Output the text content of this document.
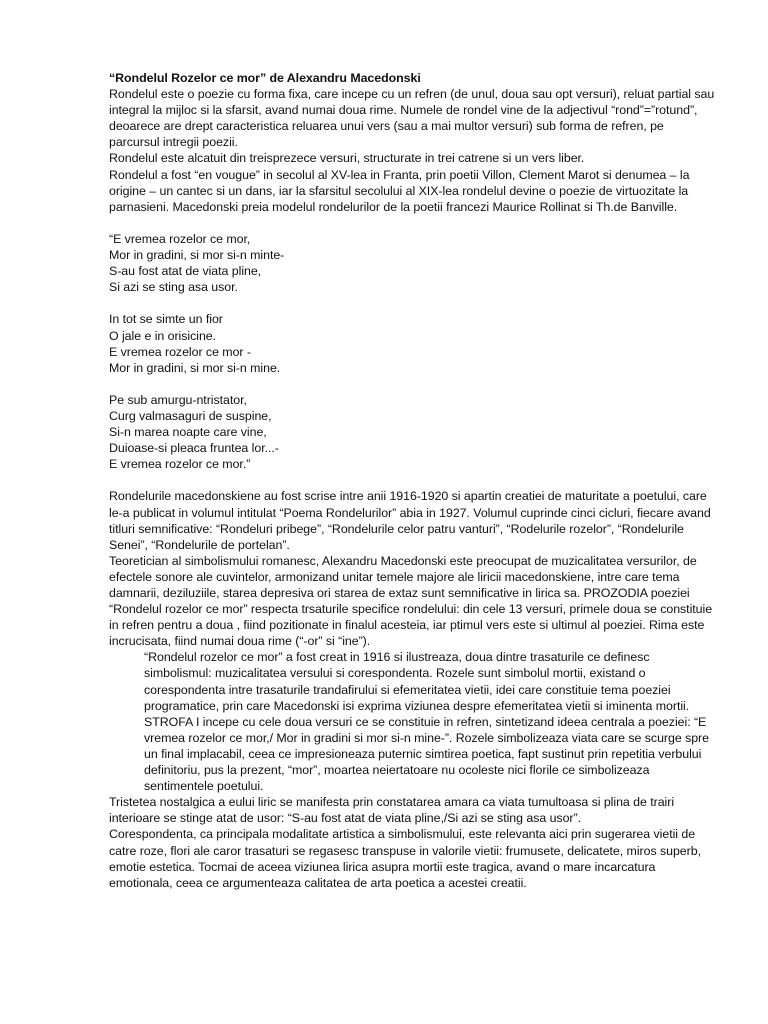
“Rondelul Rozelor ce mor” de Alexandru Macedonski

Rondelul este o poezie cu forma fixa, care incepe cu un refren (de unul, doua sau opt versuri), reluat partial sau integral la mijloc si la sfarsit, avand numai doua rime. Numele de rondel vine de la adjectivul “rond”=”rotund”, deoarece are drept caracteristica reluarea unui vers (sau a mai multor versuri) sub forma de refren, pe parcursul intregii poezii.

Rondelul este alcatuit din treisprezece versuri, structurate in trei catrene si un vers liber.

Rondelul a fost “en vougue” in secolul al XV-lea in Franta, prin poetii Villon, Clement Marot si denumea – la origine – un cantec si un dans, iar la sfarsitul secolului al XIX-lea rondelul devine o poezie de virtuozitate la parnasieni. Macedonski preia modelul rondelurilor de la poetii francezi Maurice Rollinat si Th.de Banville.

“E vremea rozelor ce mor,

Mor in gradini, si mor si-n minte-

S-au fost atat de viata pline,

Si azi se sting asa usor.

In tot se simte un fior

O jale e in orisicine.

E vremea rozelor ce mor -

Mor in gradini, si mor si-n mine.

Pe sub amurgu-ntristator,

Curg valmasaguri de suspine,

Si-n marea noapte care vine,

Duioase-si pleaca fruntea lor...-

E vremea rozelor ce mor.”

Rondelurile macedonskiene au fost scrise intre anii 1916-1920 si apartin creatiei de maturitate a poetului, care le-a publicat in volumul intitulat “Poema Rondelurilor” abia in 1927. Volumul cuprinde cinci cicluri, fiecare avand titluri semnificative: “Rondeluri pribege”, “Rondelurile celor patru vanturi”, “Rodelurile rozelor”, “Rondelurile Senei”, “Rondelurile de portelan”.

Teoretician al simbolismului romanesc, Alexandru Macedonski este preocupat de muzicalitatea versurilor, de efectele sonore ale cuvintelor, armonizand unitar temele majore ale liricii macedonskiene, intre care tema damnarii, deziluziile, starea depresiva ori starea de extaz sunt semnificative in lirica sa. PROZODIA poeziei “Rondelul rozelor ce mor” respecta trsaturile specifice rondelului: din cele 13 versuri, primele doua se constituie in refren pentru a doua , fiind pozitionate in finalul acesteia, iar ptimul vers este si ultimul al poeziei. Rima este incrucisata, fiind numai doua rime (“-or” si “ine”).

“Rondelul rozelor ce mor” a fost creat in 1916 si ilustreaza, doua dintre trasaturile ce definesc simbolismul: muzicalitatea versului si corespondenta. Rozele sunt simbolul mortii, existand o corespondenta intre trasaturile trandafirului si efemeritatea vietii, idei care constituie tema poeziei programatice, prin care Macedonski isi exprima viziunea despre efemeritatea vietii si iminenta mortii.

STROFA I incepe cu cele doua versuri ce se constituie in refren, sintetizand ideea centrala a poeziei: “E vremea rozelor ce mor,/ Mor in gradini si mor si-n mine-”. Rozele simbolizeaza viata care se scurge spre un final implacabil, ceea ce impresioneaza puternic simtirea poetica, fapt sustinut prin repetitia verbului definitoriu, pus la prezent, “mor”, moartea neiertatoare nu ocoleste nici florile ce simbolizeaza sentimentele poetului.

Tristetea nostalgica a eului liric se manifesta prin constatarea amara ca viata tumultoasa si plina de trairi interioare se stinge atat de usor: “S-au fost atat de viata pline,/Si azi se sting asa usor”.

Corespondenta, ca principala modalitate artistica a simbolismului, este relevanta aici prin sugerarea vietii de catre roze, flori ale caror trasaturi se regasesc transpuse in valorile vietii: frumusete, delicatete, miros superb, emotie estetica. Tocmai de aceea viziunea lirica asupra mortii este tragica, avand o mare incarcatura emotionala, ceea ce argumenteaza calitatea de arta poetica a acestei creatii.
